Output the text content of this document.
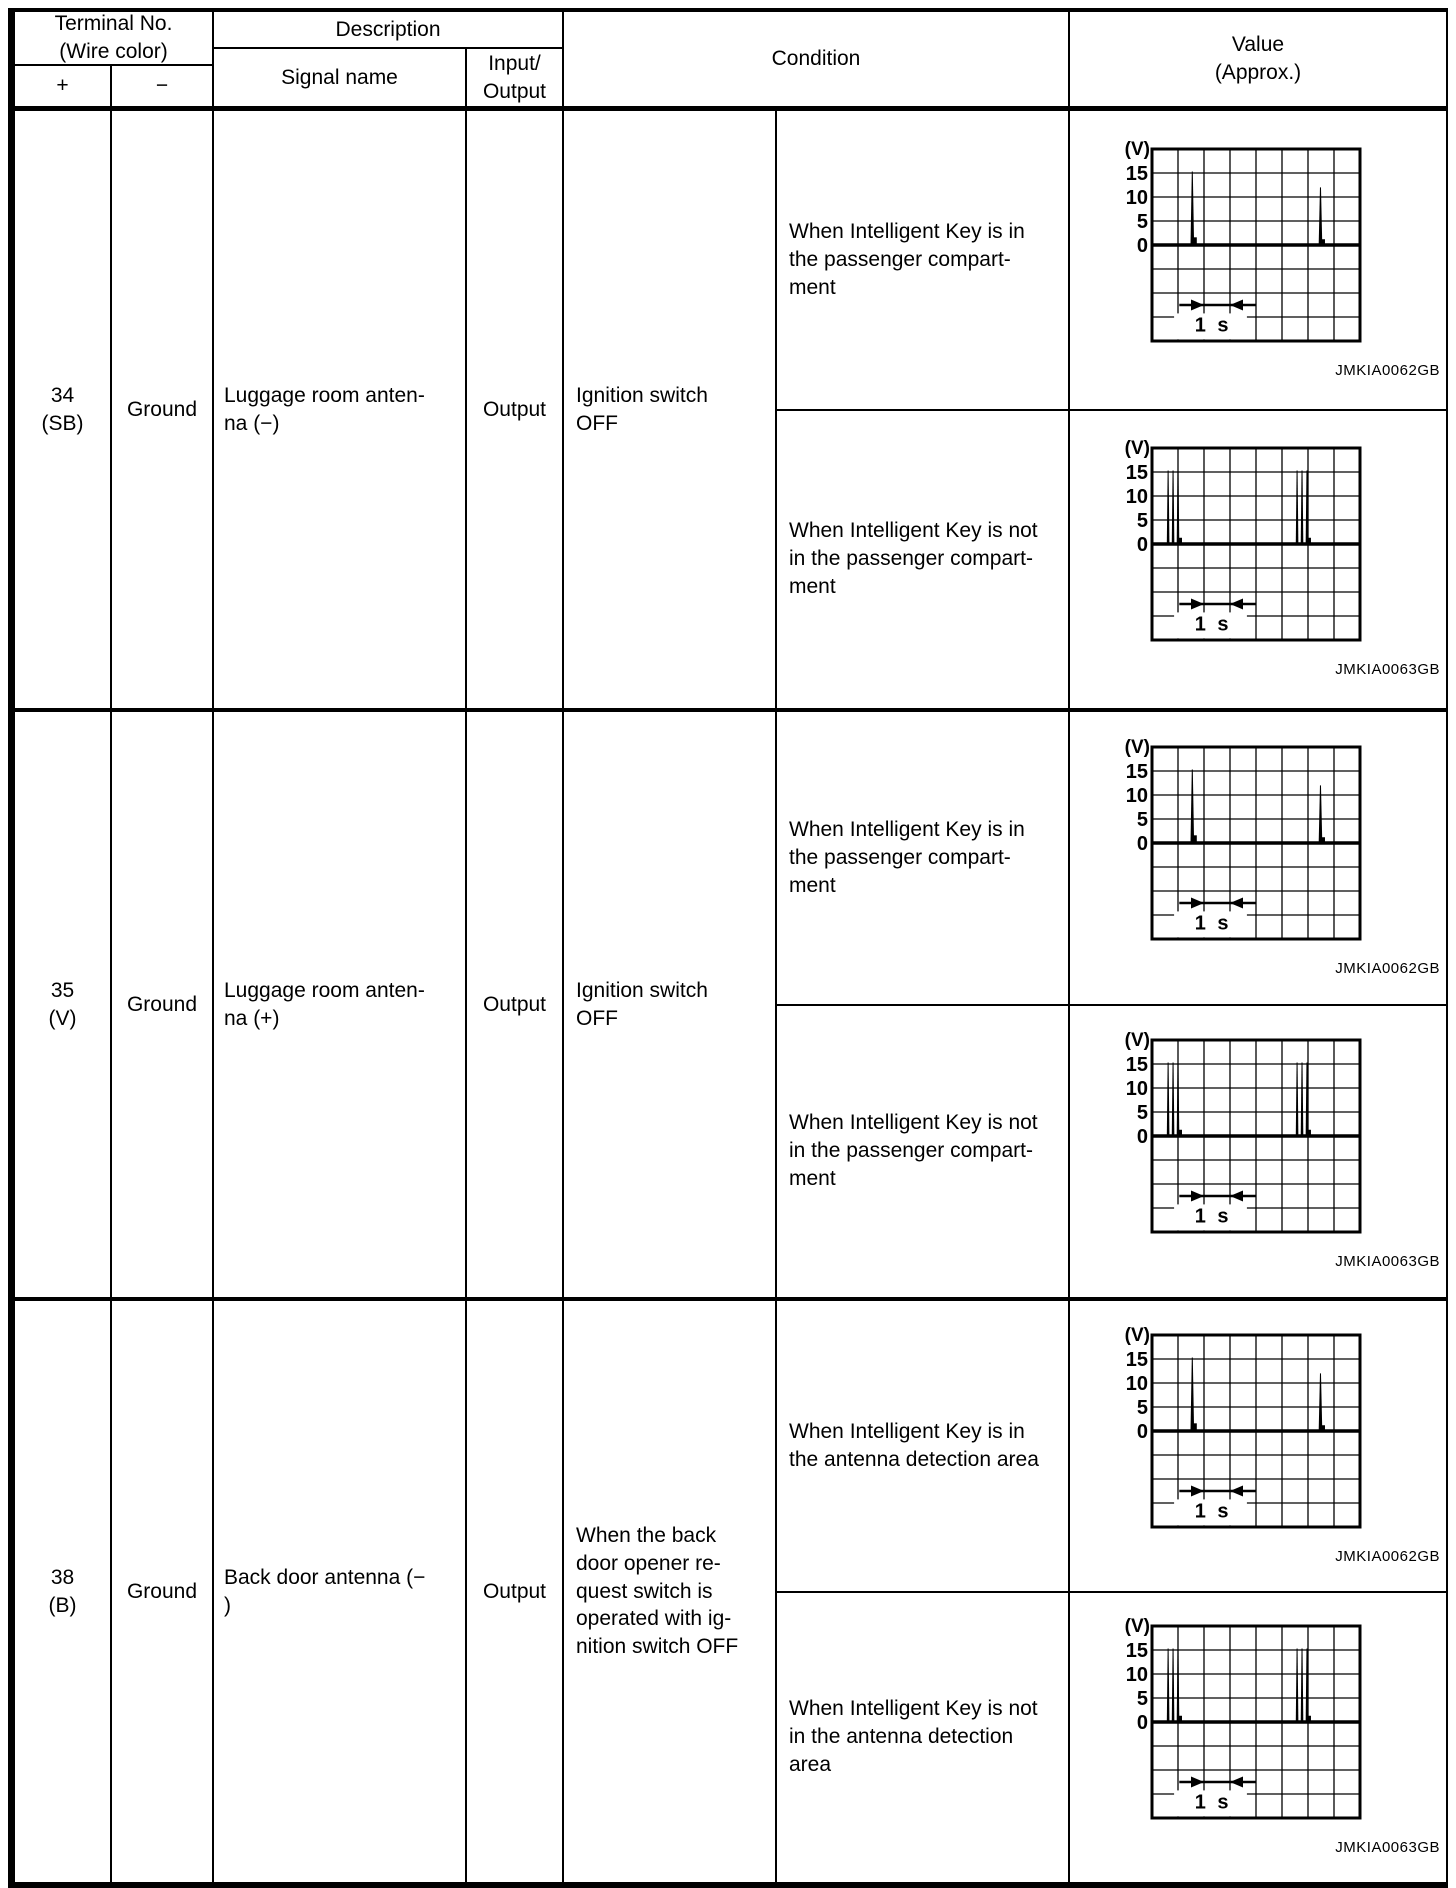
Terminal No.
(Wire color)
+	−
Description
Signal name
Input/
Output
Condition
Value
(Approx.)
34
(SB)
Ground
Luggage room anten-
na (−)
Output
Ignition switch
OFF
When Intelligent Key is in
the passenger compart-
ment
(V)
15
10
5
0
1 s
JMKIA0062GB
When Intelligent Key is not
in the passenger compart-
ment
(V)
15
10
5
0
1 s
JMKIA0063GB
35
(V)
Ground
Luggage room anten-
na (+)
Output
Ignition switch
OFF
When Intelligent Key is in
the passenger compart-
ment
(V)
15
10
5
0
1 s
JMKIA0062GB
When Intelligent Key is not
in the passenger compart-
ment
(V)
15
10
5
0
1 s
JMKIA0063GB
38
(B)
Ground
Back door antenna (−
)
Output
When the back
door opener re-
quest switch is
operated with ig-
nition switch OFF
When Intelligent Key is in
the antenna detection area
(V)
15
10
5
0
1 s
JMKIA0062GB
When Intelligent Key is not
in the antenna detection
area
(V)
15
10
5
0
1 s
JMKIA0063GB
